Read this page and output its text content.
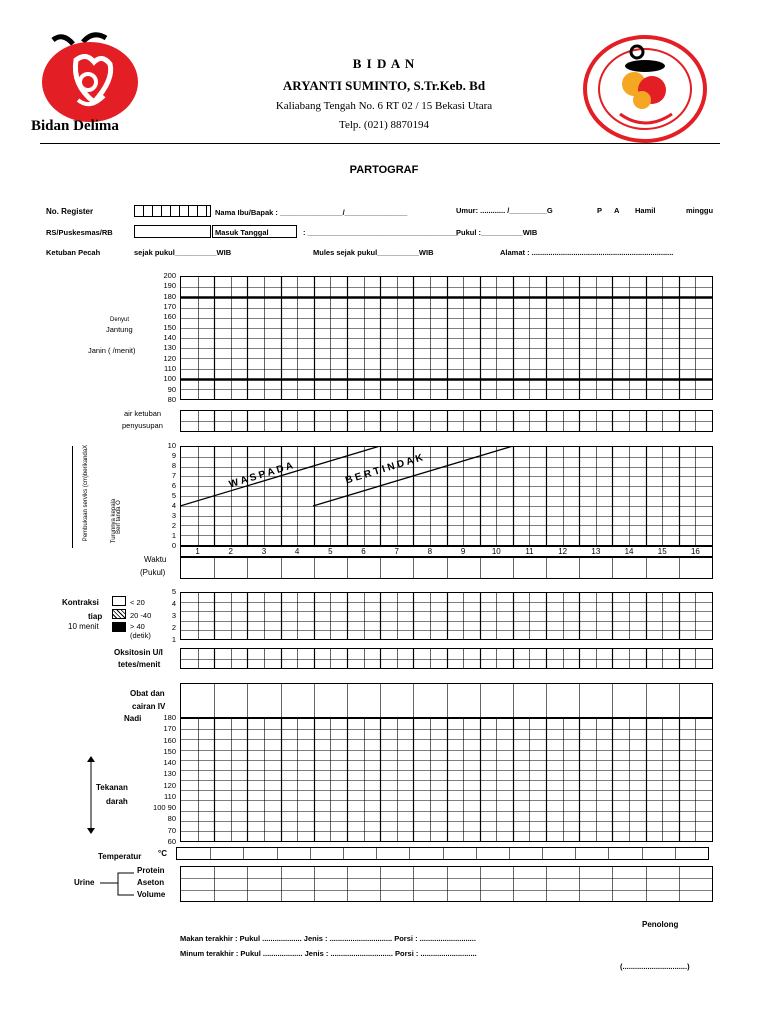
Bidan Delima
B I D A N
ARYANTI SUMINTO, S.Tr.Keb. Bd
Kaliabang Tengah No. 6 RT 02 / 15 Bekasi Utara
Telp. (021) 8870194
PARTOGRAF
No. Register	Nama Ibu/Bapak : _______________/_______________	Umur: ............ /_________G	P A Hamil	minggu
RS/Puskesmas/RB	Masuk Tanggal	: ____________________________________
Pukul :__________WIB
Ketuban Pecah	sejak pukul__________WIB	Mules sejak pukul__________WIB	Alamat : ....................................................................
Denyut
Jantung
Janin ( /menit)
200
190
180
170
160
150
140
130
120
110
100
90
80
air ketuban
penyusupan
Pembukaan serviks (cm)berikandaX	Turunnya kepala
Beri tanda O
10
9
8
7
6
5
4
3
2
1
0
1	2	3	4	5	6	7	8	9	10	11	12	13	14	15	16
Waktu
(Pukul)
W A S P A D A	B E R T I N D A K
Kontraksi
tiap
10 menit
< 20
20 -40
> 40
(detik)
5
4
3
2
1
Oksitosin U/I
tetes/menit
Obat dan
cairan IV
Nadi
Tekanan
darah
180
170
160
150
140
130
120
110
100 90
80
70
60
Temperatur °C
Urine
Protein
Aseton
Volume
Penolong
Makan terakhir : Pukul ................... Jenis : .............................. Porsi : ...........................
Minum terakhir : Pukul ................... Jenis : .............................. Porsi : ...........................
(...............................)
